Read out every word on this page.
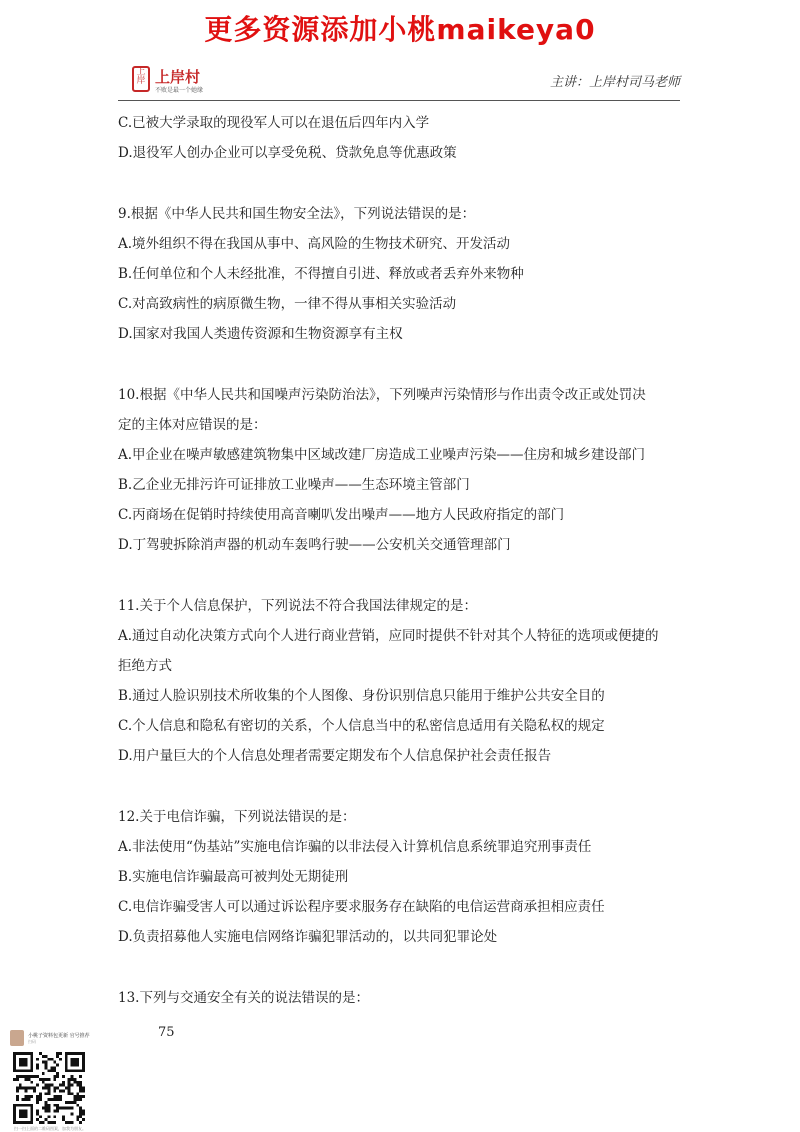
更多资源添加小桃maikeya0
上岸 上岸村
不败是最一个她缘
主讲：上岸村司马老师
C.已被大学录取的现役军人可以在退伍后四年内入学
D.退役军人创办企业可以享受免税、贷款免息等优惠政策
9.根据《中华人民共和国生物安全法》，下列说法错误的是：
A.境外组织不得在我国从事中、高风险的生物技术研究、开发活动
B.任何单位和个人未经批准，不得擅自引进、释放或者丢弃外来物种
C.对高致病性的病原微生物，一律不得从事相关实验活动
D.国家对我国人类遗传资源和生物资源享有主权
10.根据《中华人民共和国噪声污染防治法》，下列噪声污染情形与作出责令改正或处罚决
定的主体对应错误的是：
A.甲企业在噪声敏感建筑物集中区域改建厂房造成工业噪声污染——住房和城乡建设部门
B.乙企业无排污许可证排放工业噪声——生态环境主管部门
C.丙商场在促销时持续使用高音喇叭发出噪声——地方人民政府指定的部门
D.丁驾驶拆除消声器的机动车轰鸣行驶——公安机关交通管理部门
11.关于个人信息保护，下列说法不符合我国法律规定的是：
A.通过自动化决策方式向个人进行商业营销，应同时提供不针对其个人特征的选项或便捷的
拒绝方式
B.通过人脸识别技术所收集的个人图像、身份识别信息只能用于维护公共安全目的
C.个人信息和隐私有密切的关系，个人信息当中的私密信息适用有关隐私权的规定
D.用户量巨大的个人信息处理者需要定期发布个人信息保护社会责任报告
12.关于电信诈骗，下列说法错误的是：
A.非法使用“伪基站”实施电信诈骗的以非法侵入计算机信息系统罪追究刑事责任
B.实施电信诈骗最高可被判处无期徒刑
C.电信诈骗受害人可以通过诉讼程序要求服务存在缺陷的电信运营商承担相应责任
D.负责招募他人实施电信网络诈骗犯罪活动的，以共同犯罪论处
13.下列与交通安全有关的说法错误的是：
75
小桃子资料包更新 官号推荐
扫码
扫一扫上面的二维码图案，加我为朋友。
